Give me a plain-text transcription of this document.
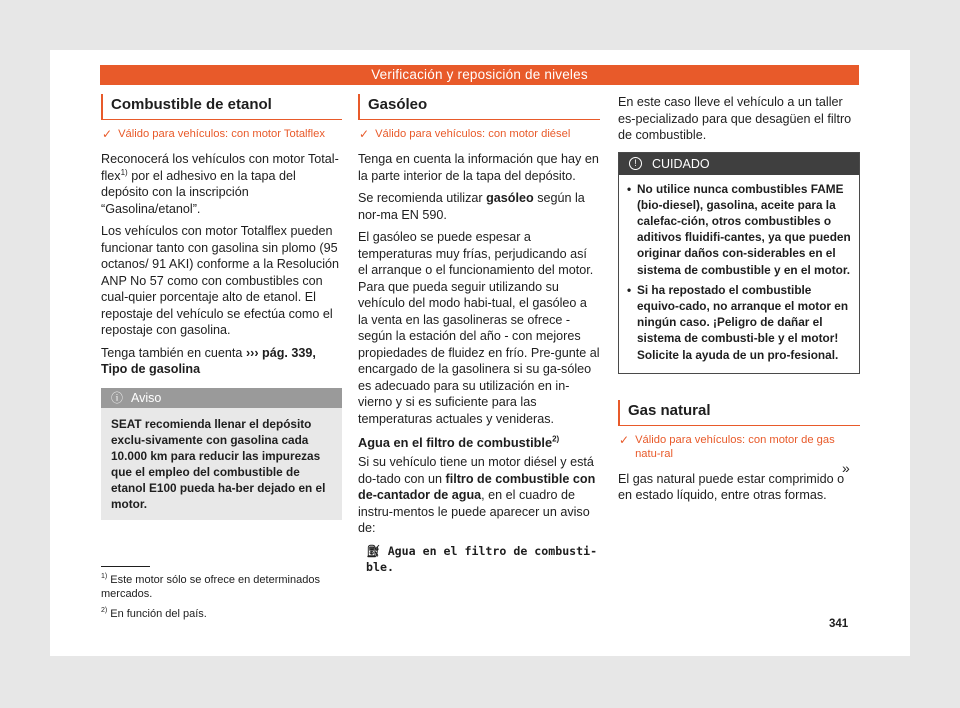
Verificación y reposición de niveles
Combustible de etanol
✓ Válido para vehículos: con motor Totalflex

Reconocerá los vehículos con motor Total-flex$^{1)}$ por el adhesivo en la tapa del depósito con la inscripción “Gasolina/etanol”.

Los vehículos con motor Totalflex pueden funcionar tanto con gasolina sin plomo (95 octanos/ 91 AKI) conforme a la Resolución ANP No 57 como con combustibles con cual-quier porcentaje alto de etanol. El repostaje del vehículo se efectúa como el repostaje con gasolina.

Tenga también en cuenta ››› pág. 339, Tipo de gasolina

ⓘ Aviso
SEAT recomienda llenar el depósito exclu-sivamente con gasolina cada 10.000 km para reducir las impurezas que el empleo del combustible de etanol E100 pueda ha-ber dejado en el motor.
Gasóleo
✓ Válido para vehículos: con motor diésel

Tenga en cuenta la información que hay en la parte interior de la tapa del depósito.

Se recomienda utilizar gasóleo según la nor-ma EN 590.

El gasóleo se puede espesar a temperaturas muy frías, perjudicando así el arranque o el funcionamiento del motor. Para que pueda seguir utilizando su vehículo del modo habi-tual, el gasóleo a la venta en las gasolineras se ofrece - según la estación del año - con mejores propiedades de fluidez en frío. Pre-gunte al encargado de la gasolinera si su ga-sóleo es adecuado para su utilización en in-vierno y si es suficiente para las temperaturas actuales y venideras.

Agua en el filtro de combustible$^{2)}$

Si su vehículo tiene un motor diésel y está do-tado con un filtro de combustible con de-cantador de agua, en el cuadro de instru-mentos le puede aparecer un aviso de:

⛽︎ Agua en el filtro de combusti-ble.

En este caso lleve el vehículo a un taller es-pecializado para que desagüen el filtro de combustible.

!	CUIDADO
• No utilice nunca combustibles FAME (bio-diesel), gasolina, aceite para la calefac-ción, otros combustibles o aditivos fluidifi-cantes, ya que pueden originar daños con-siderables en el sistema de combustible y en el motor.
• Si ha repostado el combustible equivo-cado, no arranque el motor en ningún caso. ¡Peligro de dañar el sistema de combusti-ble y el motor! Solicite la ayuda de un pro-fesional.
Gas natural
✓ Válido para vehículos: con motor de gas natu-ral

El gas natural puede estar comprimido o en estado líquido, entre otras formas.

»
$^{1)}$ Este motor sólo se ofrece en determinados mercados.
$^{2)}$ En función del país.
341
